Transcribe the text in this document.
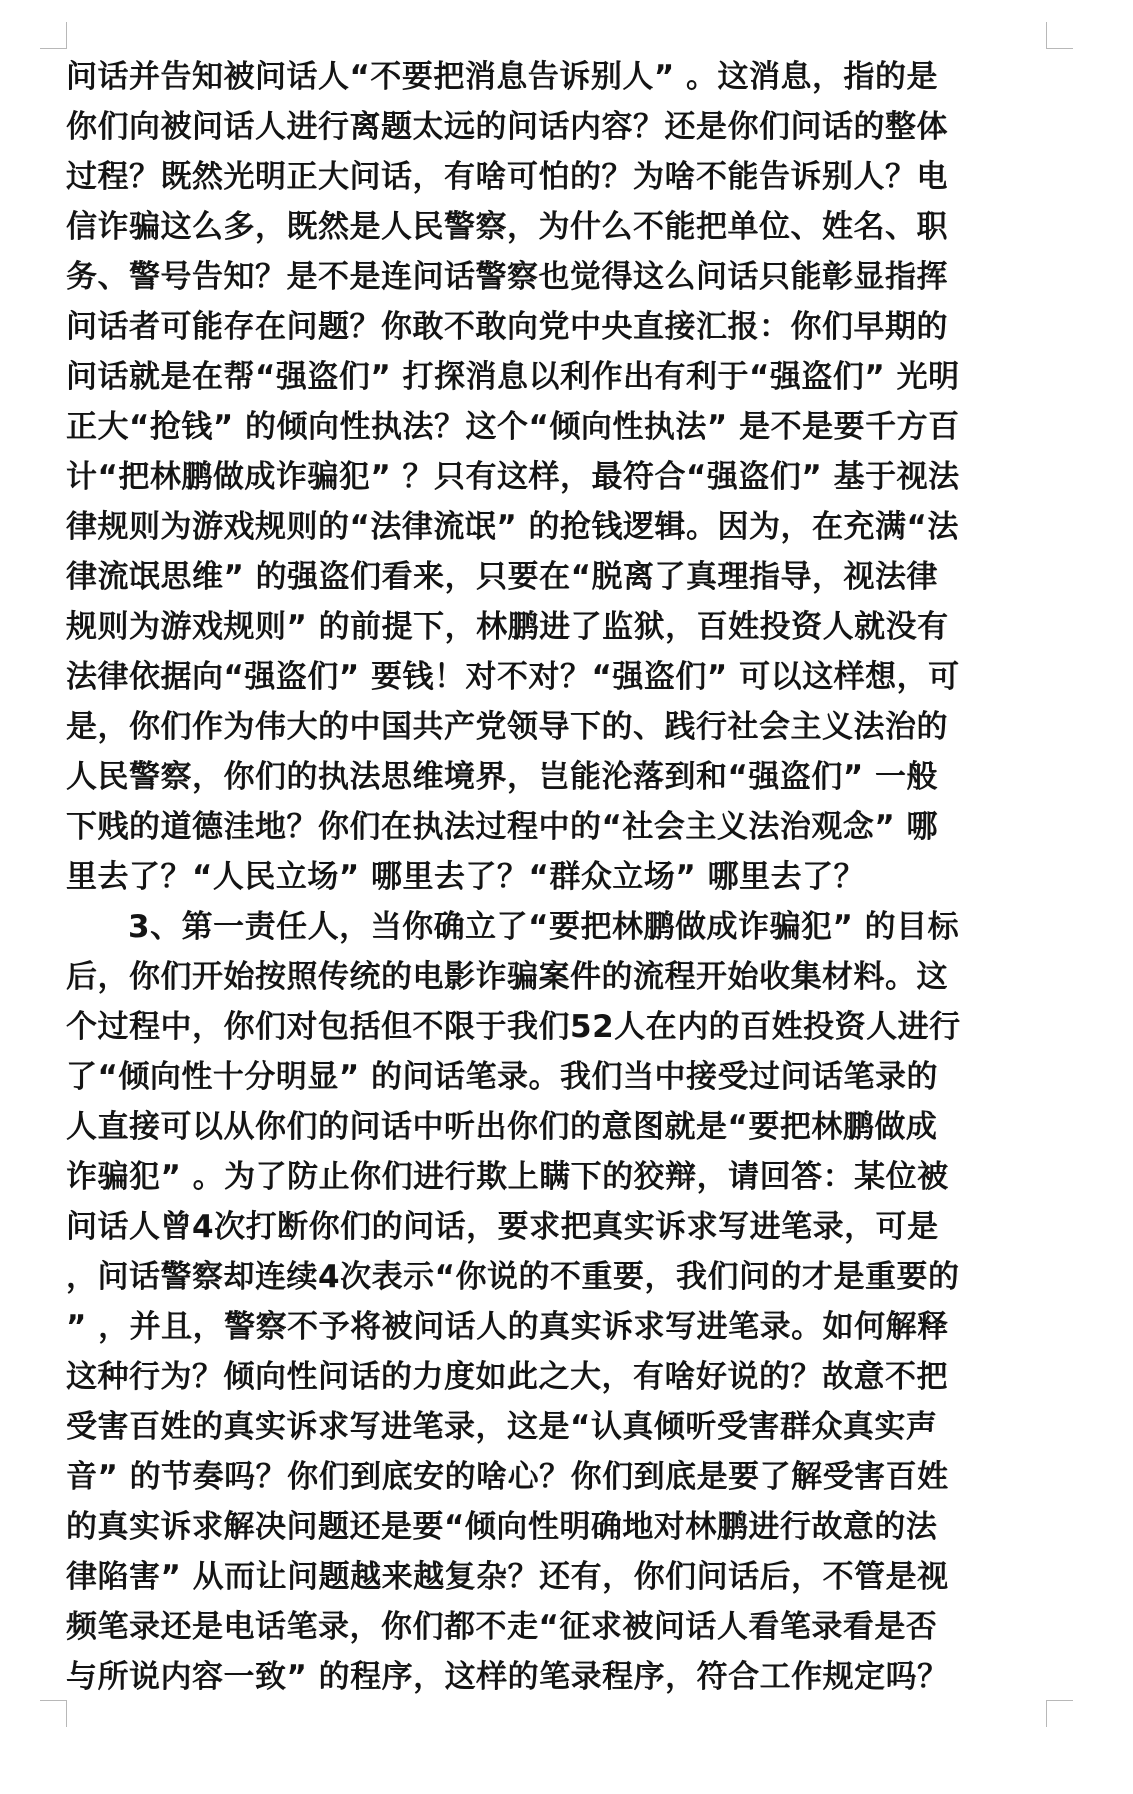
问话并告知被问话人“不要把消息告诉别人” 。这消息，指的是
你们向被问话人进行离题太远的问话内容？还是你们问话的整体
过程？既然光明正大问话，有啥可怕的？为啥不能告诉别人？电
信诈骗这么多，既然是人民警察，为什么不能把单位、姓名、职
务、警号告知？是不是连问话警察也觉得这么问话只能彰显指挥
问话者可能存在问题？你敢不敢向党中央直接汇报：你们早期的
问话就是在帮“强盗们” 打探消息以利作出有利于“强盗们” 光明
正大“抢钱” 的倾向性执法？这个“倾向性执法” 是不是要千方百
计“把林鹏做成诈骗犯” ？只有这样，最符合“强盗们” 基于视法
律规则为游戏规则的“法律流氓” 的抢钱逻辑。因为，在充满“法
律流氓思维” 的强盗们看来，只要在“脱离了真理指导，视法律
规则为游戏规则” 的前提下，林鹏进了监狱，百姓投资人就没有
法律依据向“强盗们” 要钱！对不对？“强盗们” 可以这样想，可
是，你们作为伟大的中国共产党领导下的、践行社会主义法治的
人民警察，你们的执法思维境界，岂能沦落到和“强盗们” 一般
下贱的道德洼地？你们在执法过程中的“社会主义法治观念” 哪
里去了？“人民立场” 哪里去了？“群众立场” 哪里去了？
3、第一责任人，当你确立了“要把林鹏做成诈骗犯” 的目标
后，你们开始按照传统的电影诈骗案件的流程开始收集材料。这
个过程中，你们对包括但不限于我们52人在内的百姓投资人进行
了“倾向性十分明显” 的问话笔录。我们当中接受过问话笔录的
人直接可以从你们的问话中听出你们的意图就是“要把林鹏做成
诈骗犯” 。为了防止你们进行欺上瞒下的狡辩，请回答：某位被
问话人曾4次打断你们的问话，要求把真实诉求写进笔录，可是
，问话警察却连续4次表示“你说的不重要，我们问的才是重要的
” ，并且，警察不予将被问话人的真实诉求写进笔录。如何解释
这种行为？倾向性问话的力度如此之大，有啥好说的？故意不把
受害百姓的真实诉求写进笔录，这是“认真倾听受害群众真实声
音” 的节奏吗？你们到底安的啥心？你们到底是要了解受害百姓
的真实诉求解决问题还是要“倾向性明确地对林鹏进行故意的法
律陷害” 从而让问题越来越复杂？还有，你们问话后，不管是视
频笔录还是电话笔录，你们都不走“征求被问话人看笔录看是否
与所说内容一致” 的程序，这样的笔录程序，符合工作规定吗？
